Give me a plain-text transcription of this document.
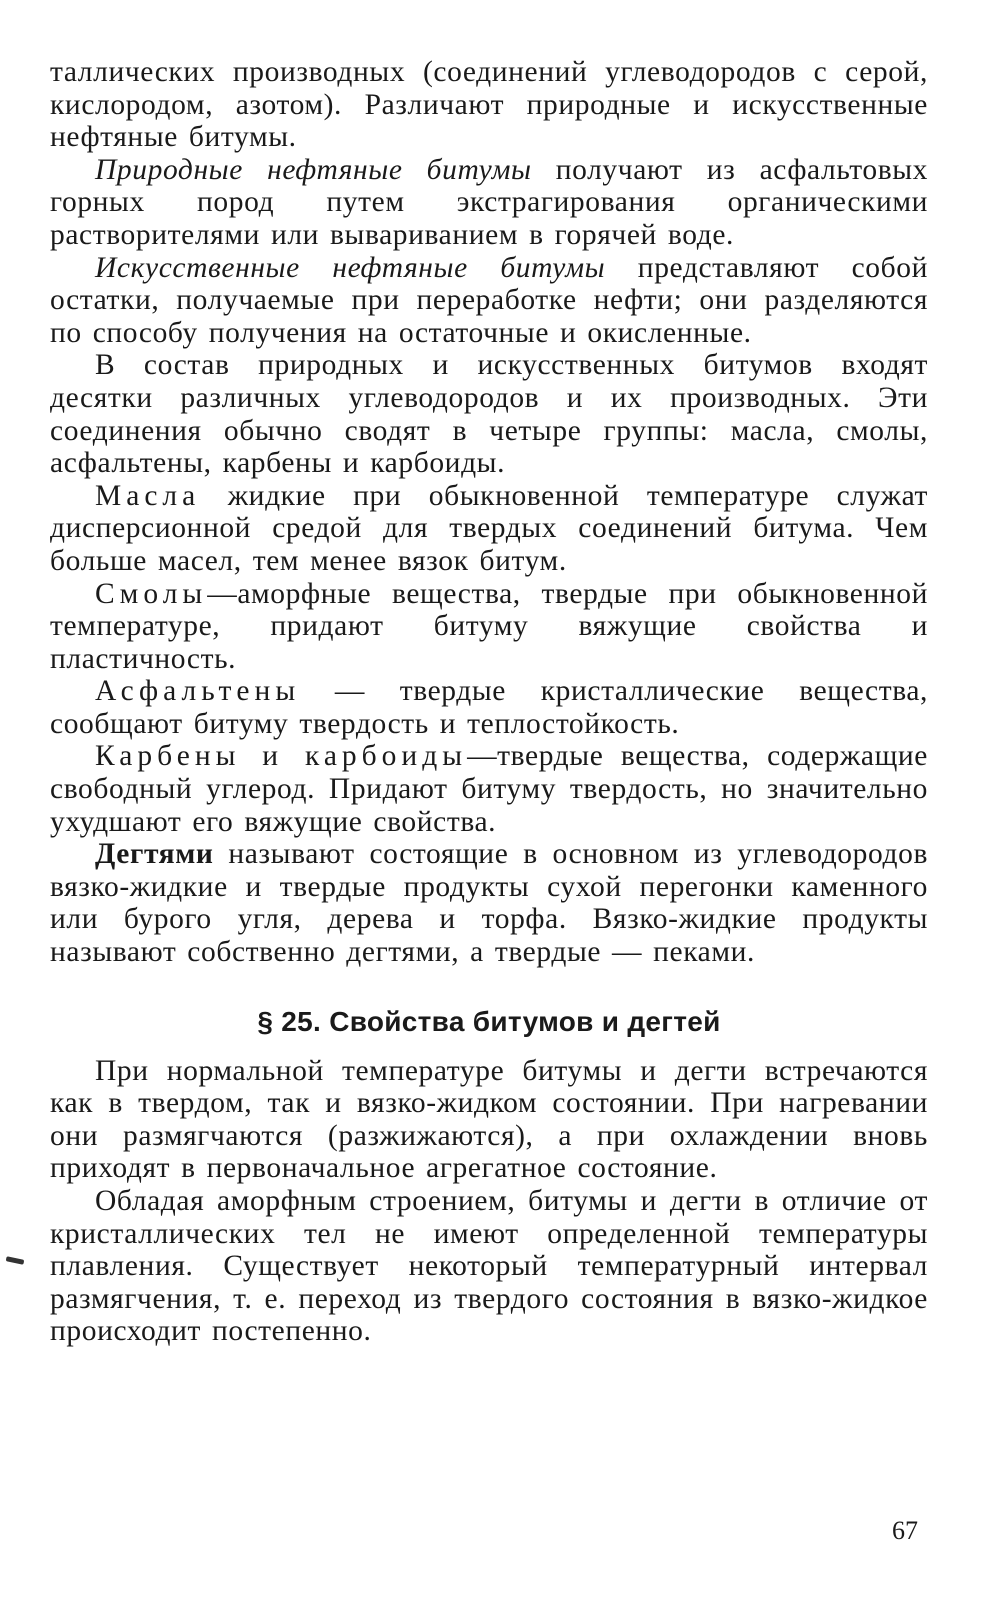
таллических производных (соединений углеводородов с серой, кислородом, азотом). Различают природные и искусственные нефтяные битумы.

Природные нефтяные битумы получают из асфальтовых горных пород путем экстрагирования органическими растворителями или вывариванием в горячей воде.

Искусственные нефтяные битумы представляют собой остатки, получаемые при переработке нефти; они разделяются по способу получения на остаточные и окисленные.

В состав природных и искусственных битумов входят десятки различных углеводородов и их производных. Эти соединения обычно сводят в четыре группы: масла, смолы, асфальтены, карбены и карбоиды.

Масла жидкие при обыкновенной температуре служат дисперсионной средой для твердых соединений битума. Чем больше масел, тем менее вязок битум.

Смолы—аморфные вещества, твердые при обыкновенной температуре, придают битуму вяжущие свойства и пластичность.

Асфальтены — твердые кристаллические вещества, сообщают битуму твердость и теплостойкость.

Карбены и карбоиды—твердые вещества, содержащие свободный углерод. Придают битуму твердость, но значительно ухудшают его вяжущие свойства.

Дегтями называют состоящие в основном из углеводородов вязко-жидкие и твердые продукты сухой перегонки каменного или бурого угля, дерева и торфа. Вязко-жидкие продукты называют собственно дегтями, а твердые — пеками.

§ 25. Свойства битумов и дегтей

При нормальной температуре битумы и дегти встречаются как в твердом, так и вязко-жидком состоянии. При нагревании они размягчаются (разжижаются), а при охлаждении вновь приходят в первоначальное агрегатное состояние.

Обладая аморфным строением, битумы и дегти в отличие от кристаллических тел не имеют определенной температуры плавления. Существует некоторый температурный интервал размягчения, т. е. переход из твердого состояния в вязко-жидкое происходит постепенно.

67
